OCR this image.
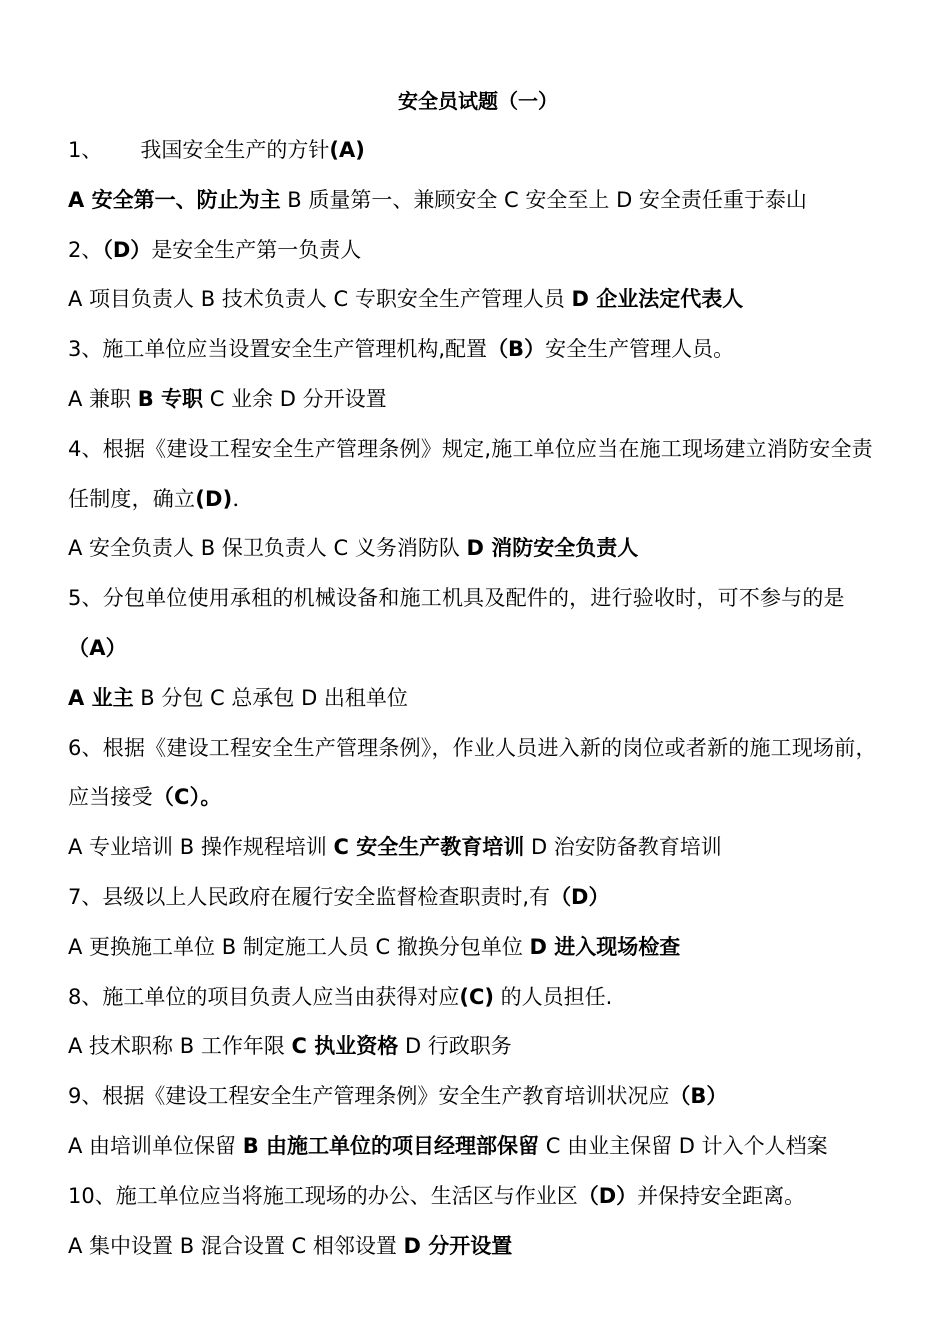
安全员试题（一）

1、 我国安全生产的方针(A)

A 安全第一、防止为主 B 质量第一、兼顾安全 C 安全至上 D 安全责任重于泰山

2、（D）是安全生产第一负责人

A 项目负责人 B 技术负责人 C 专职安全生产管理人员 D 企业法定代表人

3、施工单位应当设置安全生产管理机构,配置（B）安全生产管理人员。

A 兼职 B 专职 C 业余 D 分开设置

4、根据《建设工程安全生产管理条例》规定,施工单位应当在施工现场建立消防安全责任制度，确立(D)．

A 安全负责人 B 保卫负责人 C 义务消防队 D 消防安全负责人

5、分包单位使用承租的机械设备和施工机具及配件的，进行验收时，可不参与的是（A）

A 业主 B 分包 C 总承包 D 出租单位

6、根据《建设工程安全生产管理条例》，作业人员进入新的岗位或者新的施工现场前，应当接受（C）。

A 专业培训 B 操作规程培训 C 安全生产教育培训 D 治安防备教育培训

7、县级以上人民政府在履行安全监督检查职责时,有（D）

A 更换施工单位 B 制定施工人员 C 撤换分包单位 D 进入现场检查

8、施工单位的项目负责人应当由获得对应(C) 的人员担任.

A 技术职称 B 工作年限 C 执业资格 D 行政职务

9、根据《建设工程安全生产管理条例》安全生产教育培训状况应（B）

A 由培训单位保留 B 由施工单位的项目经理部保留 C 由业主保留 D 计入个人档案

10、施工单位应当将施工现场的办公、生活区与作业区（D）并保持安全距离。

A 集中设置 B 混合设置 C 相邻设置 D 分开设置
